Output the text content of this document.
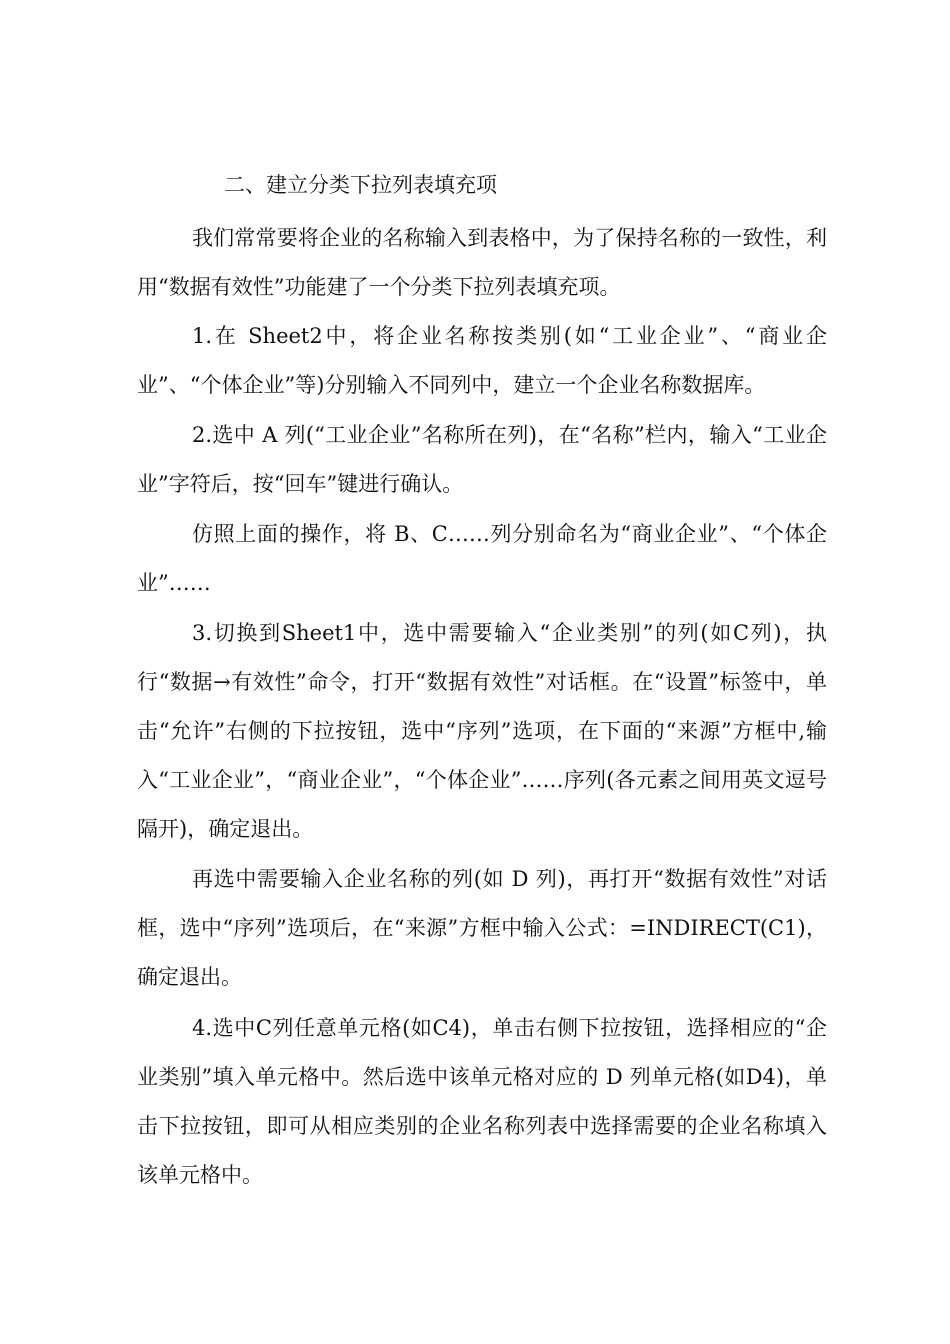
二、建立分类下拉列表填充项

我们常常要将企业的名称输入到表格中，为了保持名称的一致性，利用“数据有效性”功能建了一个分类下拉列表填充项。

1.在 Sheet2中，将企业名称按类别(如“工业企业”、“商业企业”、“个体企业”等)分别输入不同列中，建立一个企业名称数据库。

2.选中 A 列(“工业企业”名称所在列)，在“名称”栏内，输入“工业企业”字符后，按“回车”键进行确认。

仿照上面的操作，将 B、C……列分别命名为“商业企业”、“个体企业”……

3.切换到Sheet1中，选中需要输入“企业类别”的列(如C列)，执行“数据→有效性”命令，打开“数据有效性”对话框。在“设置”标签中，单击“允许”右侧的下拉按钮，选中“序列”选项，在下面的“来源”方框中,输入“工业企业”，“商业企业”，“个体企业”……序列(各元素之间用英文逗号隔开)，确定退出。

再选中需要输入企业名称的列(如 D 列)，再打开“数据有效性”对话框，选中“序列”选项后，在“来源”方框中输入公式：=INDIRECT(C1)，确定退出。

4.选中C列任意单元格(如C4)，单击右侧下拉按钮，选择相应的“企业类别”填入单元格中。然后选中该单元格对应的 D 列单元格(如D4)，单击下拉按钮，即可从相应类别的企业名称列表中选择需要的企业名称填入该单元格中。
